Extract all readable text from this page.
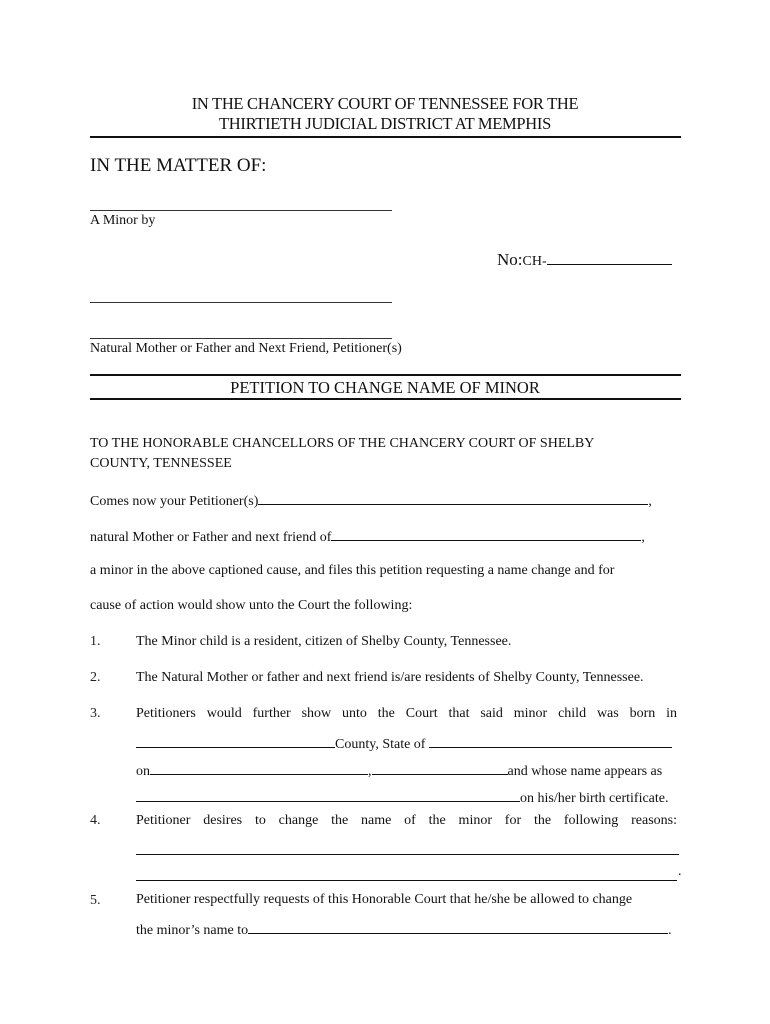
IN THE CHANCERY COURT OF TENNESSEE FOR THE
THIRTIETH JUDICIAL DISTRICT AT MEMPHIS
IN THE MATTER OF:
A Minor by
No:CH-
Natural Mother or Father and Next Friend, Petitioner(s)
PETITION TO CHANGE NAME OF MINOR
TO THE HONORABLE CHANCELLORS OF THE CHANCERY COURT OF SHELBY
COUNTY, TENNESSEE
Comes now your Petitioner(s)	,
natural Mother or Father and next friend of	,
a minor in the above captioned cause, and files this petition requesting a name change and for
cause of action would show unto the Court the following:
1.	The Minor child is a resident, citizen of Shelby County, Tennessee.
2.	The Natural Mother or father and next friend is/are residents of Shelby County, Tennessee.
3.	Petitioners would further show unto the Court that said minor child was born in
County, State of
on	,	and whose name appears as
on his/her birth certificate.
4.	Petitioner desires to change the name of the minor for the following reasons:
.
5.	Petitioner respectfully requests of this Honorable Court that he/she be allowed to change
the minor’s name to	.
